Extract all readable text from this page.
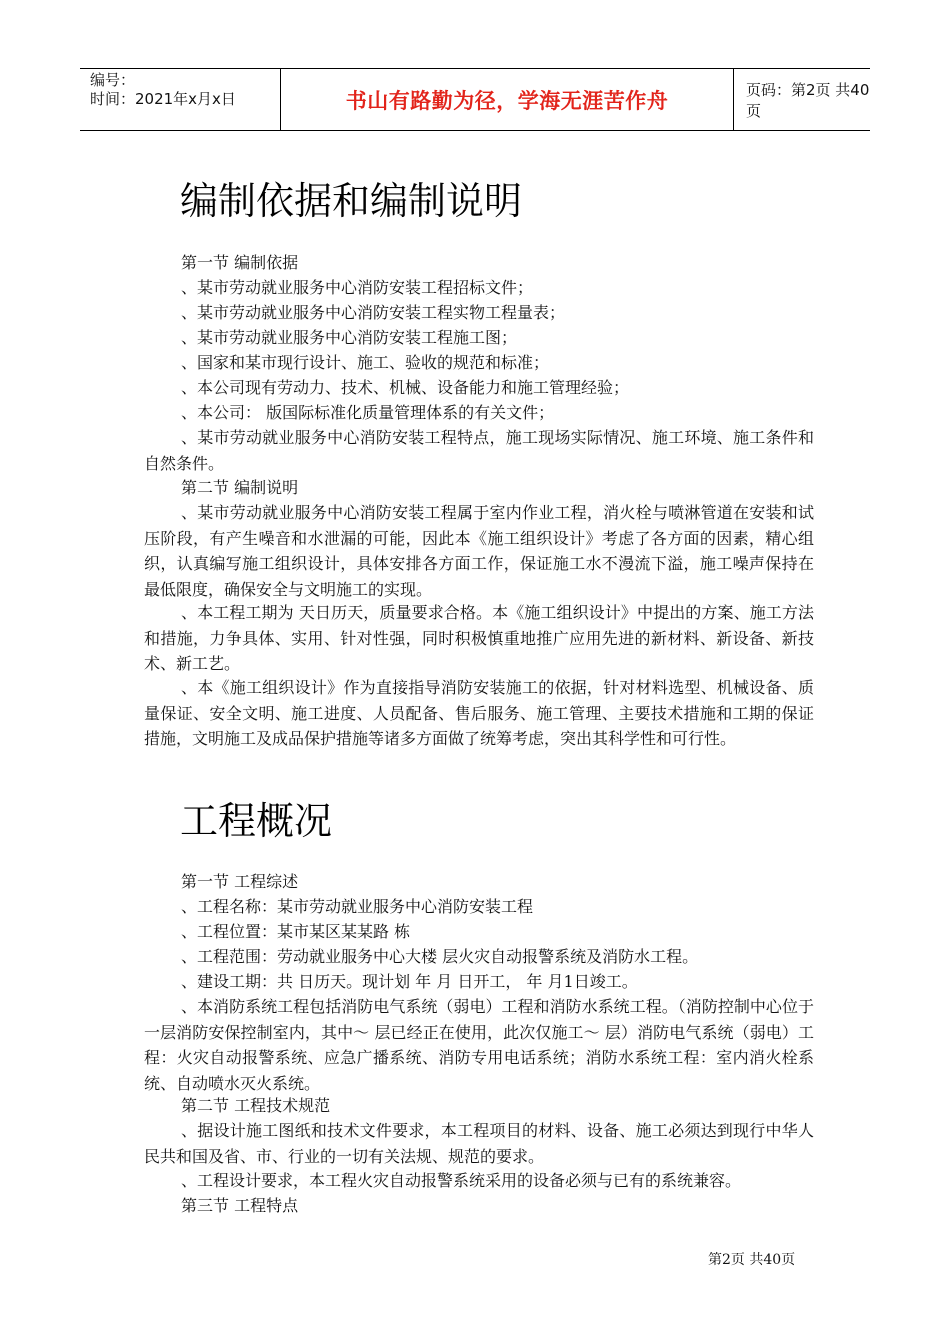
编号：
时间：2021年x月x日	书山有路勤为径，学海无涯苦作舟	页码：第2页 共40页
编制依据和编制说明

第一节 编制依据

、某市劳动就业服务中心消防安装工程招标文件；

、某市劳动就业服务中心消防安装工程实物工程量表；

、某市劳动就业服务中心消防安装工程施工图；

、国家和某市现行设计、施工、验收的规范和标准；

、本公司现有劳动力、技术、机械、设备能力和施工管理经验；

、本公司： 版国际标准化质量管理体系的有关文件；

、某市劳动就业服务中心消防安装工程特点，施工现场实际情况、施工环境、施工条件和自然条件。

第二节 编制说明

、某市劳动就业服务中心消防安装工程属于室内作业工程，消火栓与喷淋管道在安装和试压阶段，有产生噪音和水泄漏的可能，因此本《施工组织设计》考虑了各方面的因素，精心组织，认真编写施工组织设计，具体安排各方面工作，保证施工水不漫流下溢，施工噪声保持在最低限度，确保安全与文明施工的实现。

、本工程工期为 天日历天，质量要求合格。本《施工组织设计》中提出的方案、施工方法和措施，力争具体、实用、针对性强，同时积极慎重地推广应用先进的新材料、新设备、新技术、新工艺。

、本《施工组织设计》作为直接指导消防安装施工的依据，针对材料选型、机械设备、质量保证、安全文明、施工进度、人员配备、售后服务、施工管理、主要技术措施和工期的保证措施，文明施工及成品保护措施等诸多方面做了统筹考虑，突出其科学性和可行性。

工程概况

第一节 工程综述

、工程名称：某市劳动就业服务中心消防安装工程

、工程位置：某市某区某某路 栋

、工程范围：劳动就业服务中心大楼 层火灾自动报警系统及消防水工程。

、建设工期：共 日历天。现计划 年 月 日开工， 年 月1日竣工。

、本消防系统工程包括消防电气系统（弱电）工程和消防水系统工程。（消防控制中心位于一层消防安保控制室内，其中～ 层已经正在使用，此次仅施工～ 层）消防电气系统（弱电）工程：火灾自动报警系统、应急广播系统、消防专用电话系统；消防水系统工程：室内消火栓系统、自动喷水灭火系统。

第二节 工程技术规范

、据设计施工图纸和技术文件要求，本工程项目的材料、设备、施工必须达到现行中华人民共和国及省、市、行业的一切有关法规、规范的要求。

、工程设计要求，本工程火灾自动报警系统采用的设备必须与已有的系统兼容。

第三节 工程特点

第2页 共40页
